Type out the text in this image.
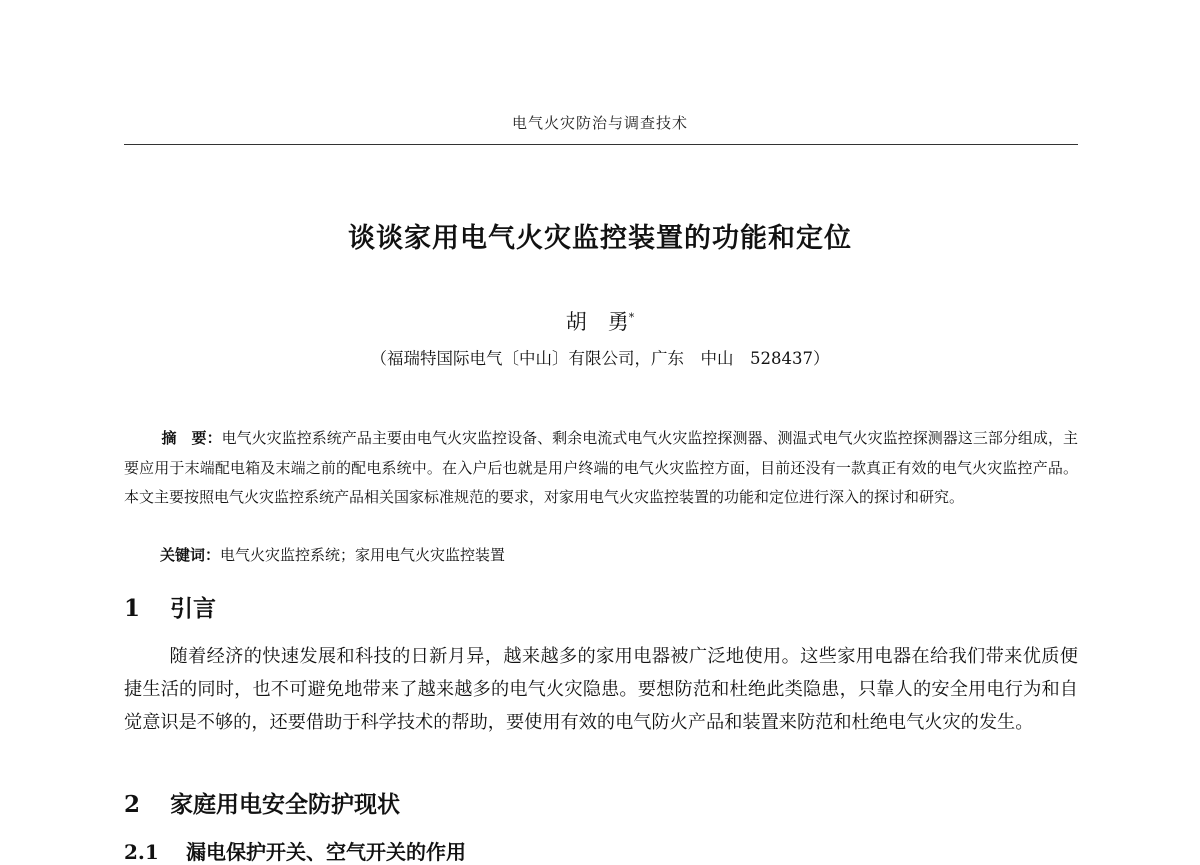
电气火灾防治与调查技术
谈谈家用电气火灾监控装置的功能和定位
胡　勇*
（福瑞特国际电气〔中山〕有限公司，广东　中山　528437）
摘　要：电气火灾监控系统产品主要由电气火灾监控设备、剩余电流式电气火灾监控探测器、测温式电气火灾监控探测器这三部分组成，主要应用于末端配电箱及末端之前的配电系统中。在入户后也就是用户终端的电气火灾监控方面，目前还没有一款真正有效的电气火灾监控产品。本文主要按照电气火灾监控系统产品相关国家标准规范的要求，对家用电气火灾监控装置的功能和定位进行深入的探讨和研究。
关键词：电气火灾监控系统；家用电气火灾监控装置
1 引言
随着经济的快速发展和科技的日新月异，越来越多的家用电器被广泛地使用。这些家用电器在给我们带来优质便捷生活的同时，也不可避免地带来了越来越多的电气火灾隐患。要想防范和杜绝此类隐患，只靠人的安全用电行为和自觉意识是不够的，还要借助于科学技术的帮助，要使用有效的电气防火产品和装置来防范和杜绝电气火灾的发生。
2 家庭用电安全防护现状
2.1 漏电保护开关、空气开关的作用
